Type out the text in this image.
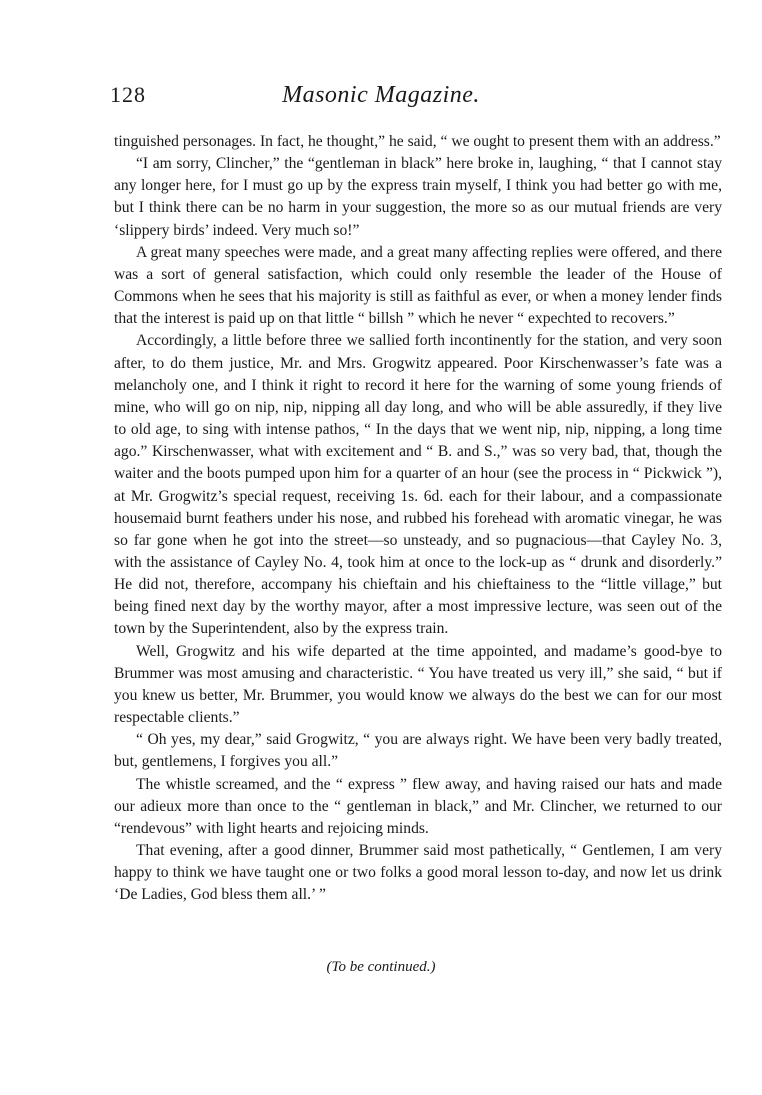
128	Masonic Magazine.

tinguished personages. In fact, he thought,” he said, “ we ought to present them with an address.”

“I am sorry, Clincher,” the “gentleman in black” here broke in, laughing, “ that I cannot stay any longer here, for I must go up by the express train myself, I think you had better go with me, but I think there can be no harm in your suggestion, the more so as our mutual friends are very ‘slippery birds’ indeed. Very much so!”

A great many speeches were made, and a great many affecting replies were offered, and there was a sort of general satisfaction, which could only resemble the leader of the House of Commons when he sees that his majority is still as faithful as ever, or when a money lender finds that the interest is paid up on that little “ billsh ” which he never “ expechted to recovers.”

Accordingly, a little before three we sallied forth incontinently for the station, and very soon after, to do them justice, Mr. and Mrs. Grogwitz appeared. Poor Kirschenwasser’s fate was a melancholy one, and I think it right to record it here for the warning of some young friends of mine, who will go on nip, nip, nipping all day long, and who will be able assuredly, if they live to old age, to sing with intense pathos, “ In the days that we went nip, nip, nipping, a long time ago.” Kirschenwasser, what with excitement and “ B. and S.,” was so very bad, that, though the waiter and the boots pumped upon him for a quarter of an hour (see the process in “ Pickwick ”), at Mr. Grogwitz’s special request, receiving 1s. 6d. each for their labour, and a compassionate housemaid burnt feathers under his nose, and rubbed his forehead with aromatic vinegar, he was so far gone when he got into the street—so unsteady, and so pugnacious—that Cayley No. 3, with the assistance of Cayley No. 4, took him at once to the lock-up as “ drunk and disorderly.” He did not, therefore, accompany his chieftain and his chieftainess to the “little village,” but being fined next day by the worthy mayor, after a most impressive lecture, was seen out of the town by the Superintendent, also by the express train.

Well, Grogwitz and his wife departed at the time appointed, and madame’s good-bye to Brummer was most amusing and characteristic. “ You have treated us very ill,” she said, “ but if you knew us better, Mr. Brummer, you would know we always do the best we can for our most respectable clients.”

“ Oh yes, my dear,” said Grogwitz, “ you are always right. We have been very badly treated, but, gentlemens, I forgives you all.”

The whistle screamed, and the “ express ” flew away, and having raised our hats and made our adieux more than once to the “ gentleman in black,” and Mr. Clincher, we returned to our “rendevous” with light hearts and rejoicing minds.

That evening, after a good dinner, Brummer said most pathetically, “ Gentlemen, I am very happy to think we have taught one or two folks a good moral lesson to-day, and now let us drink ‘De Ladies, God bless them all.’ ”

(To be continued.)
